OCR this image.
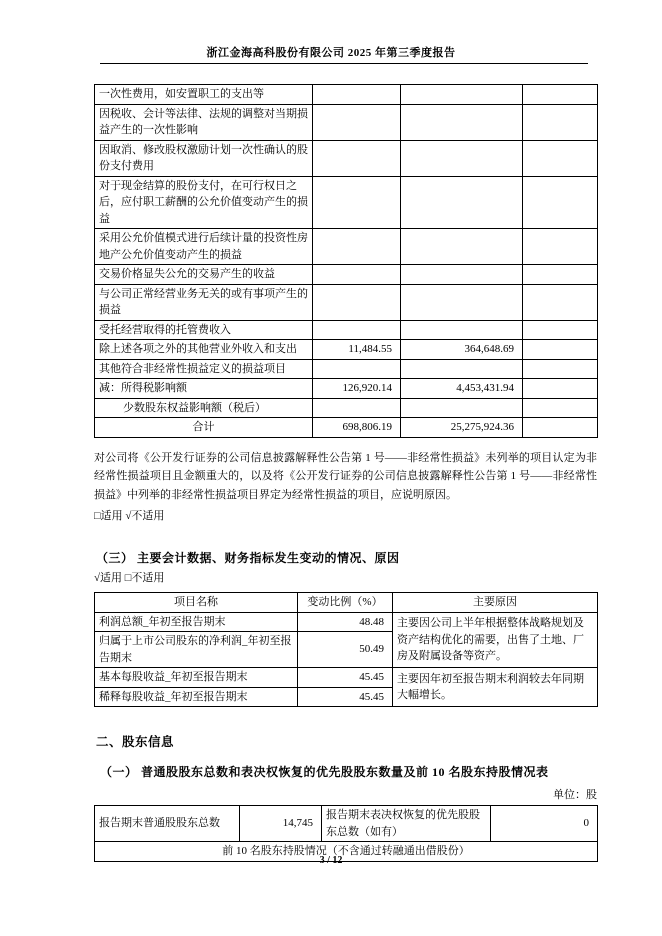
浙江金海高科股份有限公司 2025 年第三季度报告
一次性费用，如安置职工的支出等			
因税收、会计等法律、法规的调整对当期损益产生的一次性影响			
因取消、修改股权激励计划一次性确认的股份支付费用			
对于现金结算的股份支付，在可行权日之后，应付职工薪酬的公允价值变动产生的损益			
采用公允价值模式进行后续计量的投资性房地产公允价值变动产生的损益			
交易价格显失公允的交易产生的收益			
与公司正常经营业务无关的或有事项产生的损益			
受托经营取得的托管费收入			
除上述各项之外的其他营业外收入和支出	11,484.55	364,648.69	
其他符合非经常性损益定义的损益项目			
减：所得税影响额	126,920.14	4,453,431.94	
少数股东权益影响额（税后）			
合计	698,806.19	25,275,924.36	
对公司将《公开发行证券的公司信息披露解释性公告第 1 号——非经常性损益》未列举的项目认定为非经常性损益项目且金额重大的，以及将《公开发行证券的公司信息披露解释性公告第 1 号——非经常性损益》中列举的非经常性损益项目界定为经常性损益的项目，应说明原因。
□适用 √不适用
（三） 主要会计数据、财务指标发生变动的情况、原因
√适用 □不适用
项目名称	变动比例（%）	主要原因
利润总额_年初至报告期末	48.48	主要因公司上半年根据整体战略规划及资产结构优化的需要，出售了土地、厂房及附属设备等资产。
归属于上市公司股东的净利润_年初至报告期末	50.49	
基本每股收益_年初至报告期末	45.45	主要因年初至报告期末利润较去年同期大幅增长。
稀释每股收益_年初至报告期末	45.45	
二、股东信息
（一） 普通股股东总数和表决权恢复的优先股股东数量及前 10 名股东持股情况表
单位：股
报告期末普通股股东总数	14,745	报告期末表决权恢复的优先股股东总数（如有）	0
前 10 名股东持股情况（不含通过转融通出借股份）
3 / 12
